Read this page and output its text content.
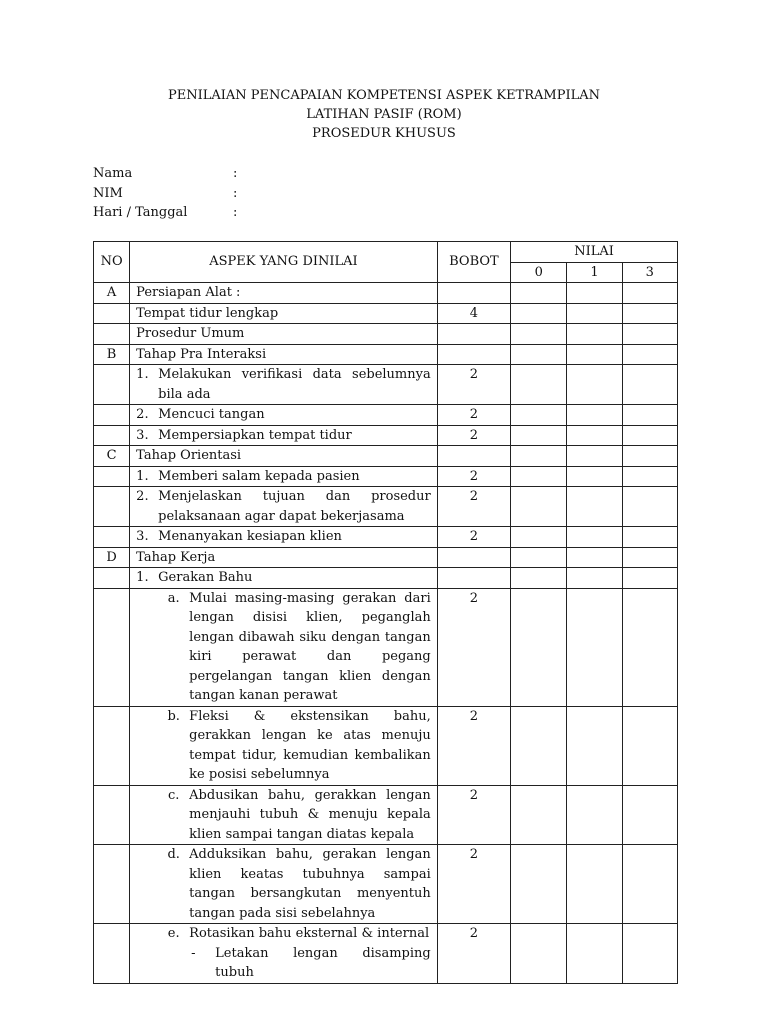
PENILAIAN PENCAPAIAN KOMPETENSI ASPEK KETRAMPILAN
LATIHAN PASIF (ROM)
PROSEDUR KHUSUS
Nama	:
NIM	:
Hari / Tanggal	:
NO	ASPEK YANG DINILAI	BOBOT	NILAI		
			0	1	3
A	Persiapan Alat :				
	Tempat tidur lengkap	4			
	Prosedur Umum				
B	Tahap Pra Interaksi				

	1. Melakukan verifikasi data sebelumnya bila ada	2			

	2. Mencuci tangan	2			

	3. Mempersiapkan tempat tidur	2			
C	Tahap Orientasi				

	1. Memberi salam kepada pasien	2			

	2. Menjelaskan tujuan dan prosedur pelaksanaan agar dapat bekerjasama	2			

	3. Menanyakan kesiapan klien	2			
D	Tahap Kerja				

	1. Gerakan Bahu				

	a. Mulai masing-masing gerakan dari lengan disisi klien, peganglah lengan dibawah siku dengan tangan kiri perawat dan pegang pergelangan tangan klien dengan tangan kanan perawat	2			

	b. Fleksi & ekstensikan bahu, gerakkan lengan ke atas menuju tempat tidur, kemudian kembalikan ke posisi sebelumnya	2			

	c. Abdusikan bahu, gerakkan lengan menjauhi tubuh & menuju kepala klien sampai tangan diatas kepala	2			

	d. Adduksikan bahu, gerakan lengan klien keatas tubuhnya sampai tangan bersangkutan menyentuh tangan pada sisi sebelahnya	2			

	e. Rotasikan bahu eksternal & internal
- Letakan lengan disamping tubuh	2			
